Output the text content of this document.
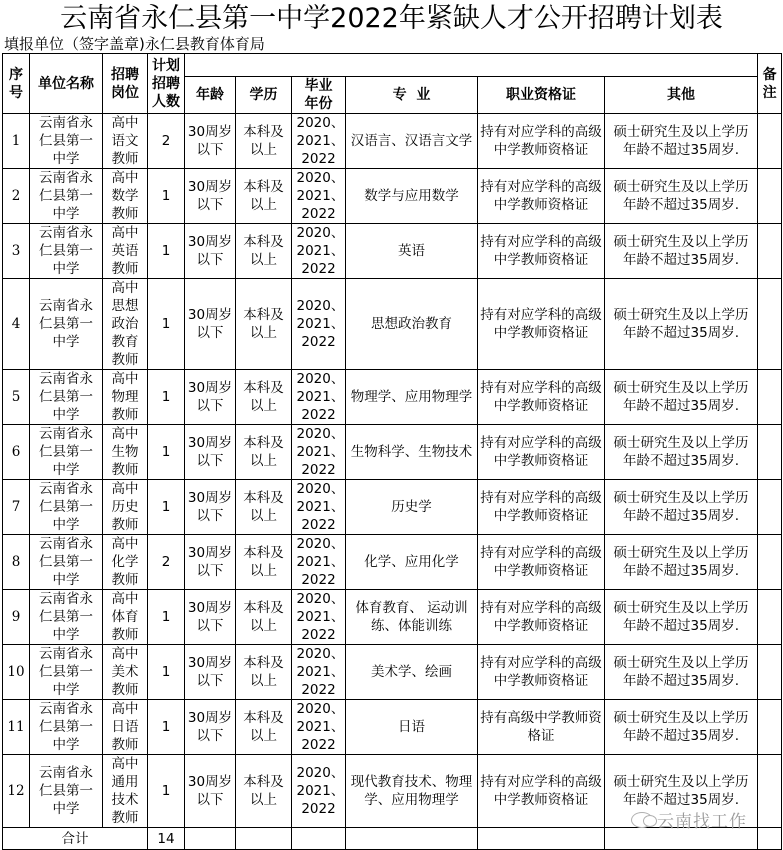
云南省永仁县第一中学2022年紧缺人才公开招聘计划表
填报单位（签字盖章)永仁县教育体育局
序号	单位名称	招聘岗位	计划招聘人数							备注
				年龄	学历	毕业年份	专  业	职业资格证	其他	
1	云南省永仁县第一中学	高中语文教师	2	30周岁以下	本科及以上	2020、2021、2022	汉语言、汉语言文学	持有对应学科的高级中学教师资格证	硕士研究生及以上学历年龄不超过35周岁.	
2	云南省永仁县第一中学	高中数学教师	1	30周岁以下	本科及以上	2020、2021、2022	数学与应用数学	持有对应学科的高级中学教师资格证	硕士研究生及以上学历年龄不超过35周岁.	
3	云南省永仁县第一中学	高中英语教师	1	30周岁以下	本科及以上	2020、2021、2022	英语	持有对应学科的高级中学教师资格证	硕士研究生及以上学历年龄不超过35周岁.	
4	云南省永仁县第一中学	高中思想政治教育教师	1	30周岁以下	本科及以上	2020、2021、2022	思想政治教育	持有对应学科的高级中学教师资格证	硕士研究生及以上学历年龄不超过35周岁.	
5	云南省永仁县第一中学	高中物理教师	1	30周岁以下	本科及以上	2020、2021、2022	物理学、应用物理学	持有对应学科的高级中学教师资格证	硕士研究生及以上学历年龄不超过35周岁.	
6	云南省永仁县第一中学	高中生物教师	1	30周岁以下	本科及以上	2020、2021、2022	生物科学、生物技术	持有对应学科的高级中学教师资格证	硕士研究生及以上学历年龄不超过35周岁.	
7	云南省永仁县第一中学	高中历史教师	1	30周岁以下	本科及以上	2020、2021、2022	历史学	持有对应学科的高级中学教师资格证	硕士研究生及以上学历年龄不超过35周岁.	
8	云南省永仁县第一中学	高中化学教师	2	30周岁以下	本科及以上	2020、2021、2022	化学、应用化学	持有对应学科的高级中学教师资格证	硕士研究生及以上学历年龄不超过35周岁.	
9	云南省永仁县第一中学	高中体育教师	1	30周岁以下	本科及以上	2020、2021、2022	体育教育、 运动训练、体能训练	持有对应学科的高级中学教师资格证	硕士研究生及以上学历年龄不超过35周岁.	
10	云南省永仁县第一中学	高中美术教师	1	30周岁以下	本科及以上	2020、2021、2022	美术学、绘画	持有对应学科的高级中学教师资格证	硕士研究生及以上学历年龄不超过35周岁.	
11	云南省永仁县第一中学	高中日语教师	1	30周岁以下	本科及以上	2020、2021、2022	日语	持有高级中学教师资格证	硕士研究生及以上学历年龄不超过35周岁.	
12	云南省永仁县第一中学	高中通用技术教师	1	30周岁以下	本科及以上	2020、2021、2022	现代教育技术、物理学、应用物理学	持有对应学科的高级中学教师资格证	硕士研究生及以上学历年龄不超过35周岁.	
合计			14							
云南找工作
